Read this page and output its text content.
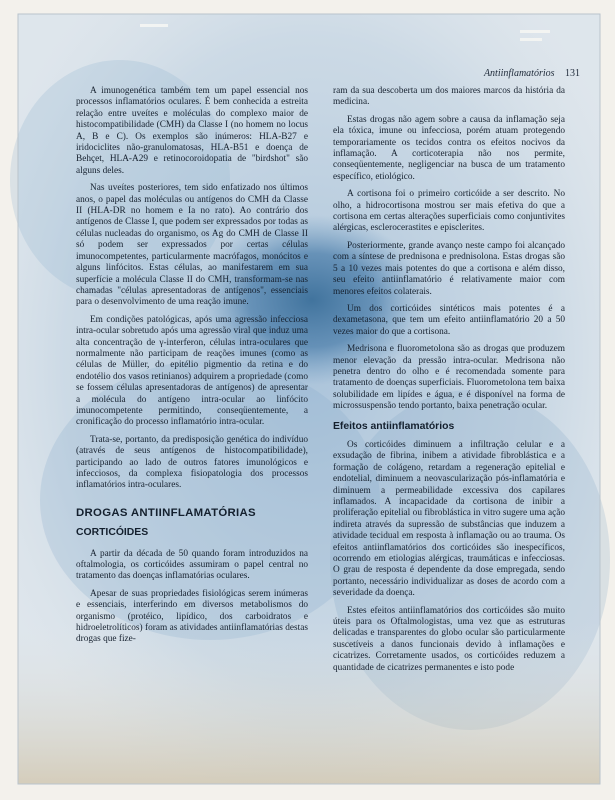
Antiinflamatórios 131

A imunogenética também tem um papel essencial nos processos inflamatórios oculares. É bem conhecida a estreita relação entre uveítes e moléculas do complexo maior de histocompatibilidade (CMH) da Classe I (no homem no locus A, B e C). Os exemplos são inúmeros: HLA-B27 e iridociclites não-granulomatosas, HLA-B51 e doença de Behçet, HLA-A29 e retinocoroidopatia de "birdshot" são alguns deles.

Nas uveítes posteriores, tem sido enfatizado nos últimos anos, o papel das moléculas ou antígenos do CMH da Classe II (HLA-DR no homem e Ia no rato). Ao contrário dos antígenos de Classe I, que podem ser expressados por todas as células nucleadas do organismo, os Ag do CMH de Classe II só podem ser expressados por certas células imunocompetentes, particularmente macrófagos, monócitos e alguns linfócitos. Estas células, ao manifestarem em sua superfície a molécula Classe II do CMH, transformam-se nas chamadas "células apresentadoras de antígenos", essenciais para o desenvolvimento de uma reação imune.

Em condições patológicas, após uma agressão infecciosa intra-ocular sobretudo após uma agressão viral que induz uma alta concentração de γ-interferon, células intra-oculares que normalmente não participam de reações imunes (como as células de Müller, do epitélio pigmentio da retina e do endotélio dos vasos retinianos) adquirem a propriedade (como se fossem células apresentadoras de antígenos) de apresentar a molécula do antígeno intra-ocular ao linfócito imunocompetente permitindo, conseqüentemente, a cronificação do processo inflamatório intra-ocular.

Trata-se, portanto, da predisposição genética do indivíduo (através de seus antígenos de histocompatibilidade), participando ao lado de outros fatores imunológicos e infecciosos, da complexa fisiopatologia dos processos inflamatórios intra-oculares.

DROGAS ANTIINFLAMATÓRIAS
CORTICÓIDES

A partir da década de 50 quando foram introduzidos na oftalmologia, os corticóides assumiram o papel central no tratamento das doenças inflamatórias oculares.

Apesar de suas propriedades fisiológicas serem inúmeras e essenciais, interferindo em diversos metabolismos do organismo (protéico, lipídico, dos carboidratos e hidroeletrolíticos) foram as atividades antiinflamatórias destas drogas que fize-

ram da sua descoberta um dos maiores marcos da história da medicina.

Estas drogas não agem sobre a causa da inflamação seja ela tóxica, imune ou infecciosa, porém atuam protegendo temporariamente os tecidos contra os efeitos nocivos da inflamação. A corticoterapia não nos permite, conseqüentemente, negligenciar na busca de um tratamento específico, etiológico.

A cortisona foi o primeiro corticóide a ser descrito. No olho, a hidrocortisona mostrou ser mais efetiva do que a cortisona em certas alterações superficiais como conjuntivites alérgicas, esclerocerastites e episclerites.

Posteriormente, grande avanço neste campo foi alcançado com a síntese de prednisona e prednisolona. Estas drogas são 5 a 10 vezes mais potentes do que a cortisona e além disso, seu efeito antiinflamatório é relativamente maior com menores efeitos colaterais.

Um dos corticóides sintéticos mais potentes é a dexametasona, que tem um efeito antiinflamatório 20 a 50 vezes maior do que a cortisona.

Medrisona e fluorometolona são as drogas que produzem menor elevação da pressão intra-ocular. Medrisona não penetra dentro do olho e é recomendada somente para tratamento de doenças superficiais. Fluorometolona tem baixa solubilidade em lipídes e água, e é disponível na forma de microssuspensão tendo portanto, baixa penetração ocular.

Efeitos antiinflamatórios

Os corticóides diminuem a infiltração celular e a exsudação de fibrina, inibem a atividade fibroblástica e a formação de colágeno, retardam a regeneração epitelial e endotelial, diminuem a neovascularização pós-inflamatória e diminuem a permeabilidade excessiva dos capilares inflamados. A incapacidade da cortisona de inibir a proliferação epitelial ou fibroblástica in vitro sugere uma ação indireta através da supressão de substâncias que induzem a atividade tecidual em resposta à inflamação ou ao trauma. Os efeitos antiinflamatórios dos corticóides são inespecíficos, ocorrendo em etiologias alérgicas, traumáticas e infecciosas. O grau de resposta é dependente da dose empregada, sendo portanto, necessário individualizar as doses de acordo com a severidade da doença.

Estes efeitos antiinflamatórios dos corticóides são muito úteis para os Oftalmologistas, uma vez que as estruturas delicadas e transparentes do globo ocular são particularmente suscetíveis a danos funcionais devido à inflamações e cicatrizes. Corretamente usados, os corticóides reduzem a quantidade de cicatrizes permanentes e isto pode
